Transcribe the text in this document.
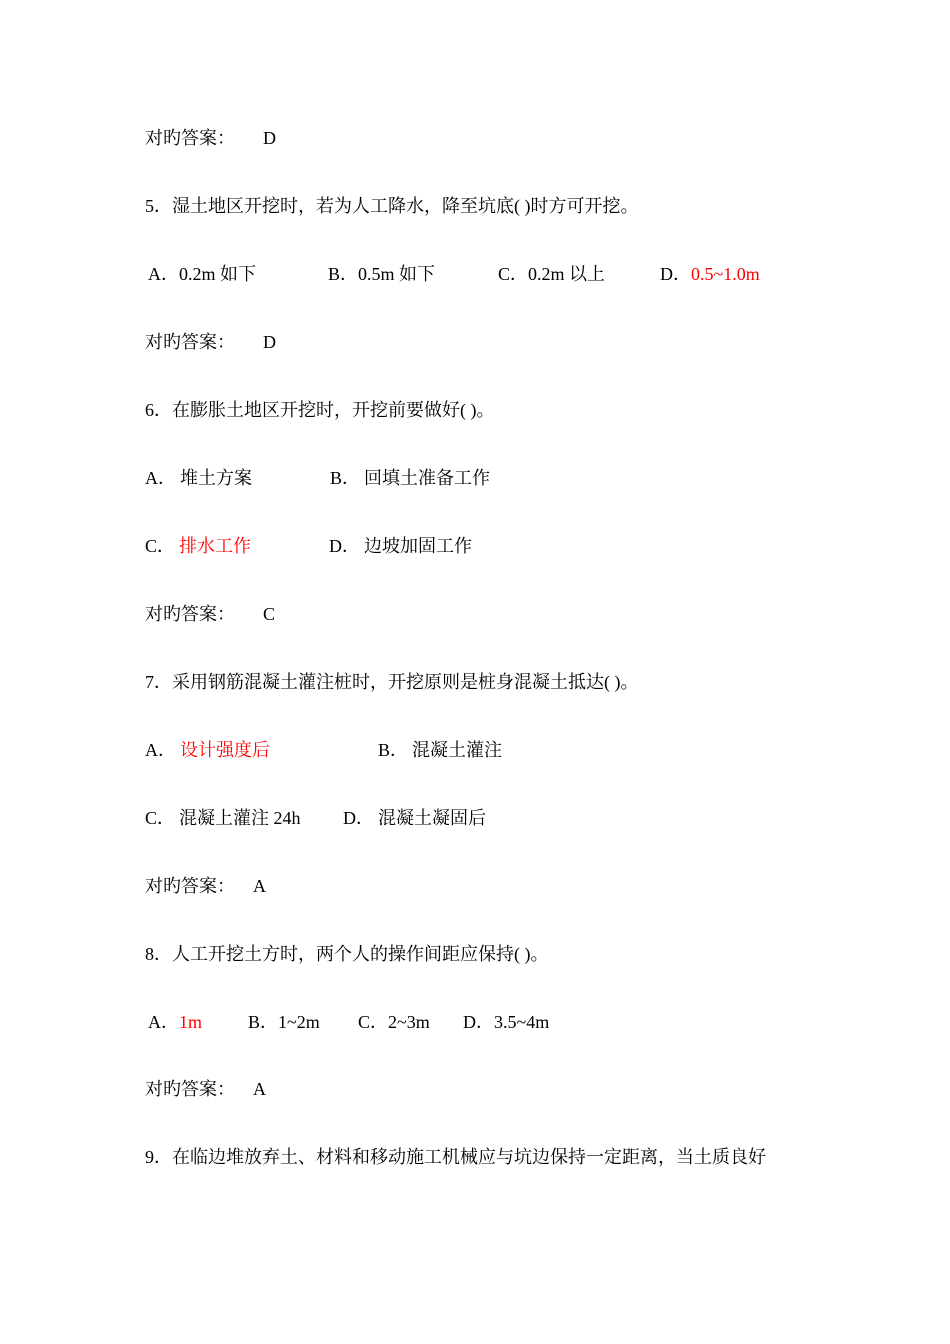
对旳答案： D
5．湿土地区开挖时，若为人工降水，降至坑底( )时方可开挖。
A．0.2m 如下	B．0.5m 如下	C．0.2m 以上	D．0.5~1.0m
对旳答案： D
6．在膨胀土地区开挖时，开挖前要做好( )。
A． 堆土方案	B． 回填土准备工作
C． 排水工作	D． 边坡加固工作
对旳答案： C
7．采用钢筋混凝土灌注桩时，开挖原则是桩身混凝土抵达( )。
A． 设计强度后	B． 混凝土灌注
C． 混凝上灌注 24h D． 混凝土凝固后
对旳答案： A
8．人工开挖土方时，两个人的操作间距应保持( )。
A．1m	B．1~2m C．2~3m D．3.5~4m
对旳答案： A
9．在临边堆放弃土、材料和移动施工机械应与坑边保持一定距离，当土质良好
